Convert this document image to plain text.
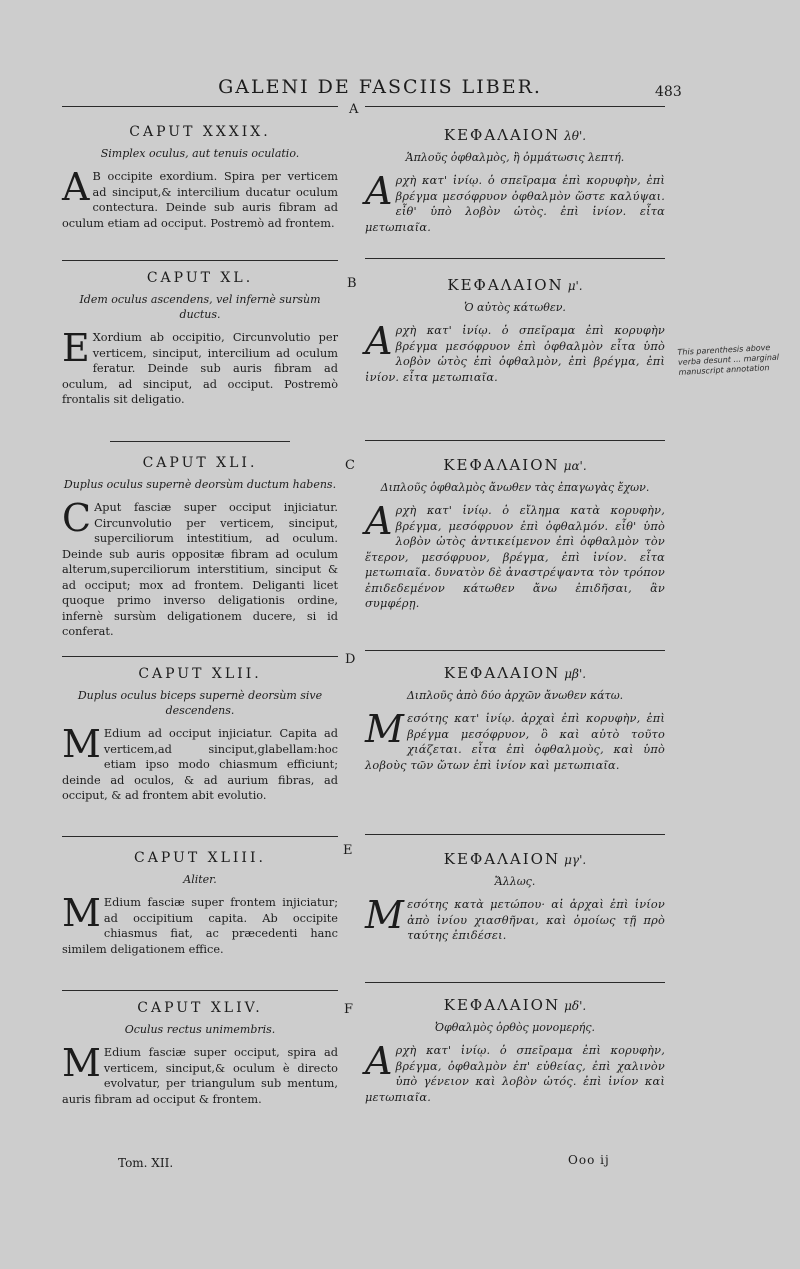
GALENI DE FASCIIS LIBER.	483
A
B
C
D
E
F
CAPUT XXXIX.
Simplex oculus, aut tenuis oculatio.
A B occipite exordium. Spira per verticem ad sinciput,& intercilium ducatur oculum contectura. Deinde sub auris fibram ad oculum etiam ad occiput. Postremò ad frontem.
CAPUT XL.
Idem oculus ascendens, vel infernè sursùm ductus.
E Xordium ab occipitio, Circunvolutio per verticem, sinciput, intercilium ad oculum feratur. Deinde sub auris fibram ad oculum, ad sinciput, ad occiput. Postremò frontalis sit deligatio.
CAPUT XLI.
Duplus oculus supernè deorsùm ductum habens.
C Aput fasciæ super occiput injiciatur. Circunvolutio per verticem, sinciput, superciliorum intestitium, ad oculum. Deinde sub auris oppositæ fibram ad oculum alterum,superciliorum interstitium, sinciput & ad occiput; mox ad frontem. Deliganti licet quoque primo inverso deligationis ordine, infernè sursùm deligationem ducere, si id conferat.
CAPUT XLII.
Duplus oculus biceps supernè deorsùm sive descendens.
M Edium ad occiput injiciatur. Capita ad verticem,ad sinciput,glabellam:hoc etiam ipso modo chiasmum efficiunt; deinde ad oculos, & ad aurium fibras, ad occiput, & ad frontem abit evolutio.
CAPUT XLIII.
Aliter.
M Edium fasciæ super frontem injiciatur; ad occipitium capita. Ab occipite chiasmus fiat, ac præcedenti hanc similem deligationem effice.
CAPUT XLIV.
Oculus rectus unimembris.
M Edium fasciæ super occiput, spira ad verticem, sinciput,& oculum è directo evolvatur, per triangulum sub mentum, auris fibram ad occiput & frontem.
ΚΕΦΑΛΑΙΟΝ λθ'.
Ἁπλοῦς ὀφθαλμὸς, ἢ ὀμμάτωσις λεπτή.
Αρχὴ κατ' ἰνίῳ. ὁ σπεῖραμα ἐπὶ κορυφὴν, ἐπὶ βρέγμα μεσόφρυον ὀφθαλμὸν ὥστε καλύψαι. εἶθ' ὑπὸ λοβὸν ὠτὸς. ἐπὶ ἰνίον. εἶτα μετωπιαῖα.
ΚΕΦΑΛΑΙΟΝ μ'.
Ὁ αὐτὸς κάτωθεν.
Αρχὴ κατ' ἰνίῳ. ὁ σπεῖραμα ἐπὶ κορυφὴν βρέγμα μεσόφρυον ἐπὶ ὀφθαλμὸν εἶτα ὑπὸ λοβὸν ὠτὸς ἐπὶ ὀφθαλμὸν, ἐπὶ βρέγμα, ἐπὶ ἰνίον. εἶτα μετωπιαῖα.
ΚΕΦΑΛΑΙΟΝ μα'.
Διπλοῦς ὀφθαλμὸς ἄνωθεν τὰς ἐπαγωγὰς ἔχων.
Αρχὴ κατ' ἰνίῳ. ὁ εἴλημα κατὰ κορυφὴν, βρέγμα, μεσόφρυον ἐπὶ ὀφθαλμόν. εἶθ' ὑπὸ λοβὸν ὠτὸς ἀντικείμενον ἐπὶ ὀφθαλμὸν τὸν ἕτερον, μεσόφρυον, βρέγμα, ἐπὶ ἰνίον. εἶτα μετωπιαῖα. δυνατὸν δὲ ἀναστρέψαντα τὸν τρόπον ἐπιδεδεμένον κάτωθεν ἄνω ἐπιδῆσαι, ἂν συμφέρῃ.
ΚΕΦΑΛΑΙΟΝ μβ'.
Διπλοῦς ἀπὸ δύο ἀρχῶν ἄνωθεν κάτω.
Μεσότης κατ' ἰνίῳ. ἀρχαὶ ἐπὶ κορυφὴν, ἐπὶ βρέγμα μεσόφρυον, ὃ καὶ αὐτὸ τοῦτο χιάζεται. εἶτα ἐπὶ ὀφθαλμοὺς, καὶ ὑπὸ λοβοὺς τῶν ὤτων ἐπὶ ἰνίον καὶ μετωπιαῖα.
ΚΕΦΑΛΑΙΟΝ μγ'.
Ἄλλως.
Μεσότης κατὰ μετώπου· αἱ ἀρχαὶ ἐπὶ ἰνίον ἀπὸ ἰνίου χιασθῆναι, καὶ ὁμοίως τῇ πρὸ ταύτης ἐπιδέσει.
ΚΕΦΑΛΑΙΟΝ μδ'.
Ὀφθαλμὸς ὀρθὸς μονομερής.
Αρχὴ κατ' ἰνίῳ. ὁ σπεῖραμα ἐπὶ κορυφὴν, βρέγμα, ὀφθαλμὸν ἐπ' εὐθείας, ἐπὶ χαλινὸν ὑπὸ γένειον καὶ λοβὸν ὠτός. ἐπὶ ἰνίον καὶ μετωπιαῖα.
This parenthesis above verba desunt ... marginal manuscript annotation
Tom. XII.	Ooo ij
